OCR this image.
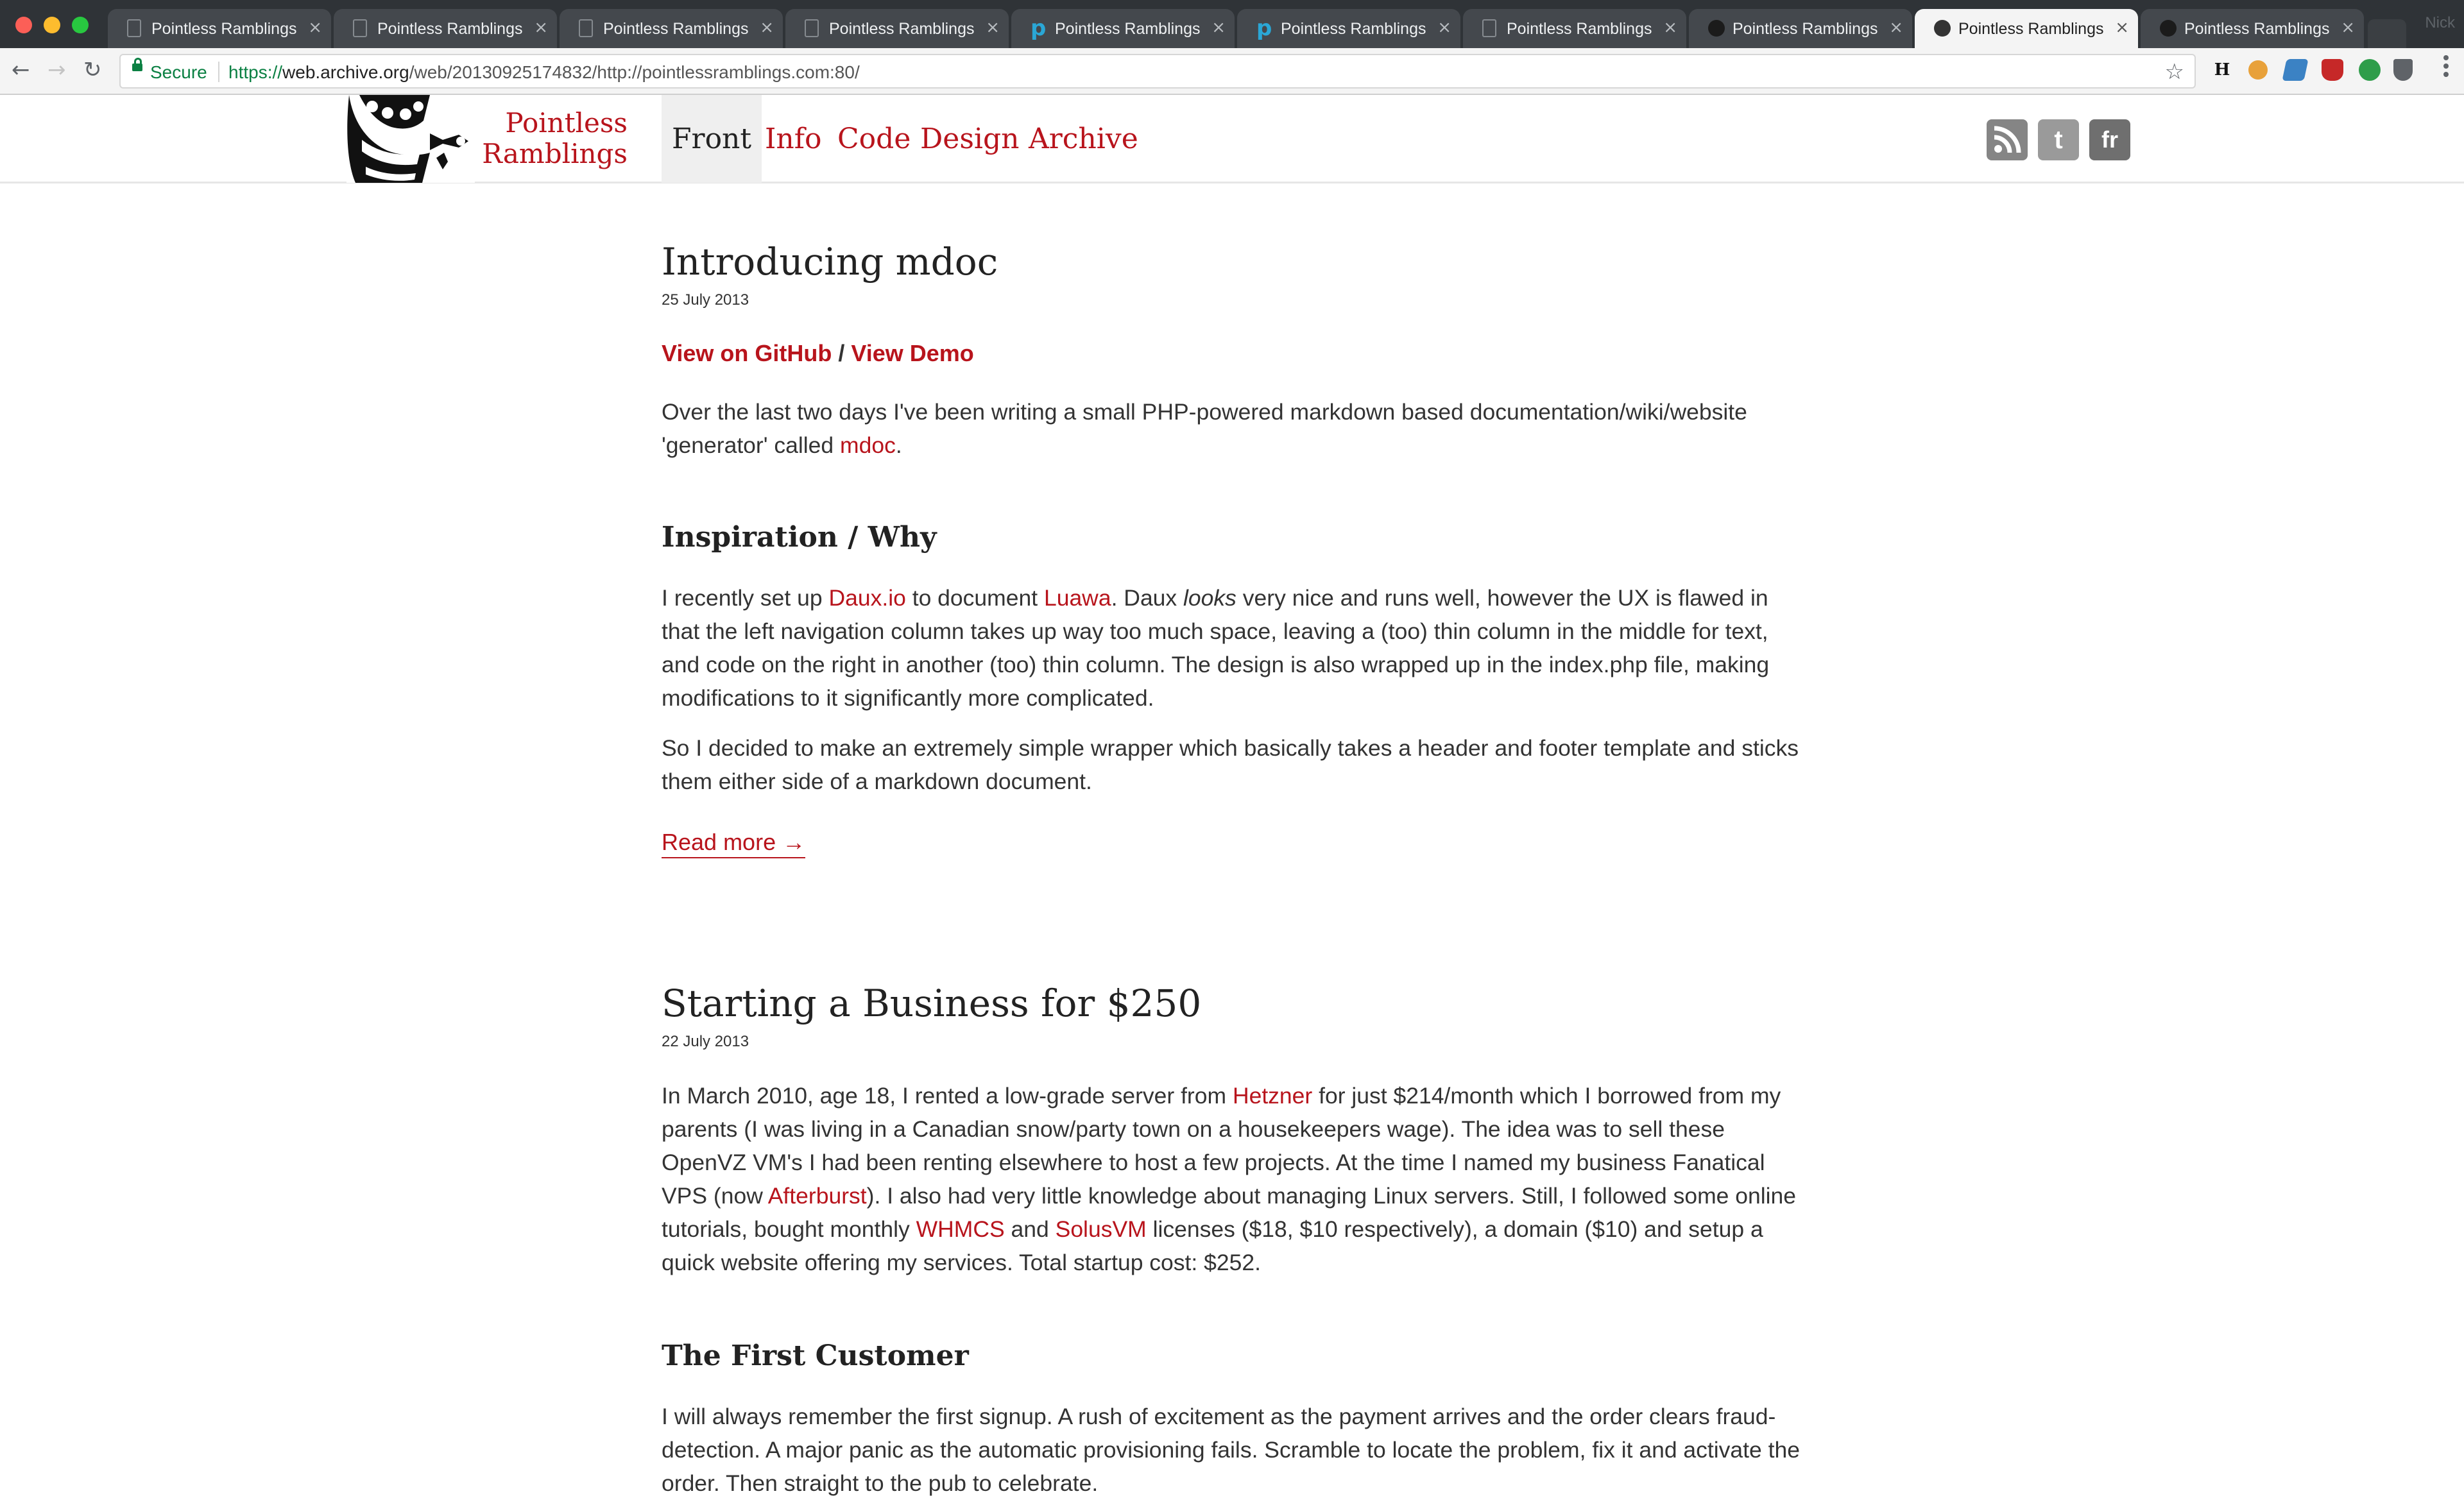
Pointless Ramblings ×	Pointless Ramblings ×	Pointless Ramblings ×	Pointless Ramblings × p Pointless Ramblings × p Pointless Ramblings ×	Pointless Ramblings ×	Pointless Ramblings ×	Pointless Ramblings ×	Pointless Ramblings ×	Nick
← → ↻	Secure https://web.archive.org/web/20130925174832/http://pointlessramblings.com:80/	☆ H
Pointless
Ramblings	Front Info Code Design Archive	t	fr
Introducing mdoc
25 July 2013
View on GitHub / View Demo

Over the last two days I've been writing a small PHP-powered markdown based documentation/wiki/website 'generator' called mdoc.

Inspiration / Why

I recently set up Daux.io to document Luawa. Daux looks very nice and runs well, however the UX is flawed in that the left navigation column takes up way too much space, leaving a (too) thin column in the middle for text, and code on the right in another (too) thin column. The design is also wrapped up in the index.php file, making modifications to it significantly more complicated.

So I decided to make an extremely simple wrapper which basically takes a header and footer template and sticks them either side of a markdown document.

Read more →
Starting a Business for $250
22 July 2013

In March 2010, age 18, I rented a low-grade server from Hetzner for just $214/month which I borrowed from my parents (I was living in a Canadian snow/party town on a housekeepers wage). The idea was to sell these OpenVZ VM's I had been renting elsewhere to host a few projects. At the time I named my business Fanatical VPS (now Afterburst). I also had very little knowledge about managing Linux servers. Still, I followed some online tutorials, bought monthly WHMCS and SolusVM licenses ($18, $10 respectively), a domain ($10) and setup a quick website offering my services. Total startup cost: $252.

The First Customer

I will always remember the first signup. A rush of excitement as the payment arrives and the order clears fraud-detection. A major panic as the automatic provisioning fails. Scramble to locate the problem, fix it and activate the order. Then straight to the pub to celebrate.
